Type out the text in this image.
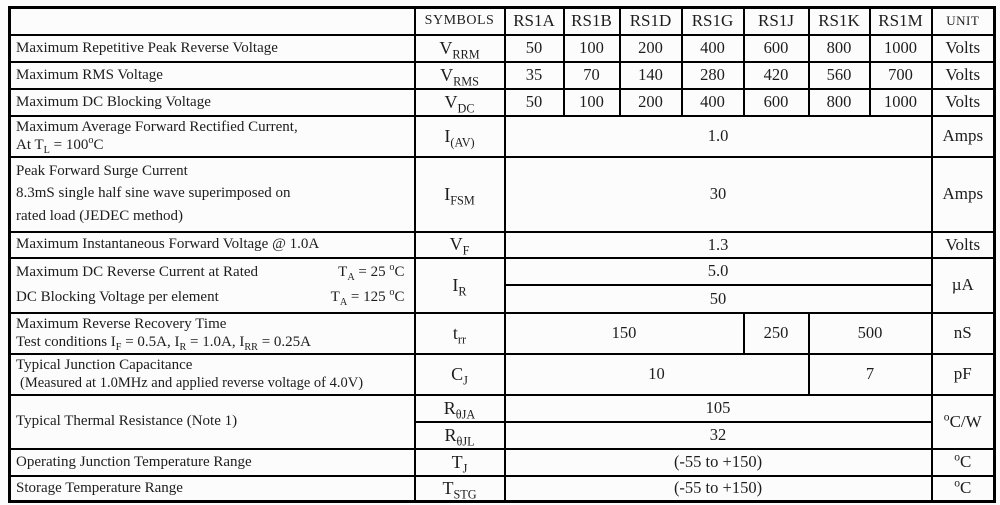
	SYMBOLS	RS1A	RS1B	RS1D	RS1G	RS1J	RS1K	RS1M	UNIT
Maximum Repetitive Peak Reverse Voltage	$V_{RRM}$	50	100	200	400	600	800	1000	Volts
Maximum RMS Voltage	$V_{RMS}$	35	70	140	280	420	560	700	Volts
Maximum DC Blocking Voltage	$V_{DC}$	50	100	200	400	600	800	1000	Volts

Maximum Average Forward Rectified Current,
At $T_L = 100^oC$	$I_{(AV)}$	1.0							Amps

Peak Forward Surge Current
8.3mS single half sine wave superimposed on
rated load (JEDEC method)	$I_{FSM}$	30							Amps
Maximum Instantaneous Forward Voltage @ 1.0A	$V_F$	1.3							Volts

Maximum DC Reverse Current at Rated $T_A = 25$ $^o$C
DC Blocking Voltage per element $T_A = 125$ $^o$C	$I_R$	5.0							µA
		50							

Maximum Reverse Recovery Time
Test conditions $I_F = 0.5A$, $I_R = 1.0A$, $I_{RR} = 0.25A$	$t_{rr}$	150				250	500		nS

Typical Junction Capacitance
(Measured at 1.0MHz and applied reverse voltage of 4.0V)	$C_J$	10					7		pF
Typical Thermal Resistance (Note 1)	$R_{\theta JA}$	105							$^o$C/W
	$R_{\theta JL}$	32							
Operating Junction Temperature Range	$T_J$	(-55 to +150)							$^o$C
Storage Temperature Range	$T_{STG}$	(-55 to +150)							$^o$C
